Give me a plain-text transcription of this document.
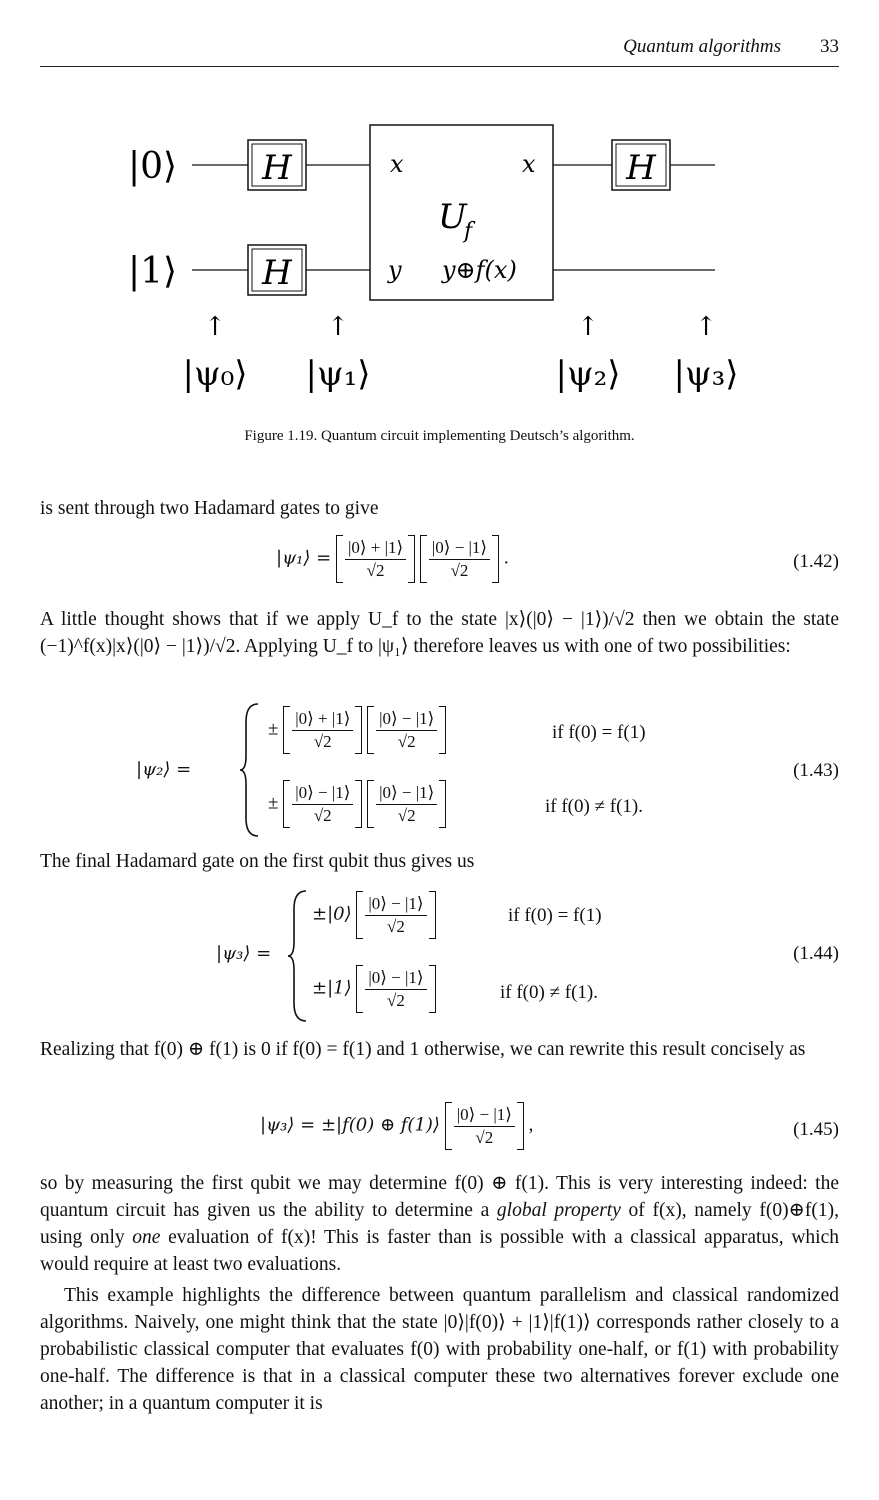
Quantum algorithms 33
|0⟩
|1⟩
H
H
H
x	x
U
f
y y⊕f(x)
↑	↑	↑	↑
|ψ₀⟩ |ψ₁⟩	|ψ₂⟩ |ψ₃⟩
Figure 1.19. Quantum circuit implementing Deutsch’s algorithm.
is sent through two Hadamard gates to give
|ψ₁⟩ = $\frac{|0⟩ + |1⟩}{√2}$
$\frac{|0⟩ - |1⟩}{√2}$ .	(1.42)
A little thought shows that if we apply U_f to the state |x⟩(|0⟩ − |1⟩)/√2 then we obtain the state (−1)^f(x)|x⟩(|0⟩ − |1⟩)/√2. Applying U_f to |ψ₁⟩ therefore leaves us with one of two possibilities:
|ψ₂⟩ =
± $\frac{|0⟩ + |1⟩}{√2}$
$\frac{|0⟩ - |1⟩}{√2}$	if f(0) = f(1)
± $\frac{|0⟩ - |1⟩}{√2}$
$\frac{|0⟩ - |1⟩}{√2}$	if f(0) ≠ f(1).
(1.43)
The final Hadamard gate on the first qubit thus gives us
|ψ₃⟩ =
±|0⟩ $\frac{|0⟩ - |1⟩}{√2}$	if f(0) = f(1)
±|1⟩ $\frac{|0⟩ - |1⟩}{√2}$	if f(0) ≠ f(1).
(1.44)
Realizing that f(0) ⊕ f(1) is 0 if f(0) = f(1) and 1 otherwise, we can rewrite this result concisely as
|ψ₃⟩ = ±|f(0) ⊕ f(1)⟩ $\frac{|0⟩ - |1⟩}{√2}$ ,	(1.45)
so by measuring the first qubit we may determine f(0) ⊕ f(1). This is very interesting indeed: the quantum circuit has given us the ability to determine a global property of f(x), namely f(0)⊕f(1), using only one evaluation of f(x)! This is faster than is possible with a classical apparatus, which would require at least two evaluations.
This example highlights the difference between quantum parallelism and classical randomized algorithms. Naively, one might think that the state |0⟩|f(0)⟩ + |1⟩|f(1)⟩ corresponds rather closely to a probabilistic classical computer that evaluates f(0) with probability one-half, or f(1) with probability one-half. The difference is that in a classical computer these two alternatives forever exclude one another; in a quantum computer it is
